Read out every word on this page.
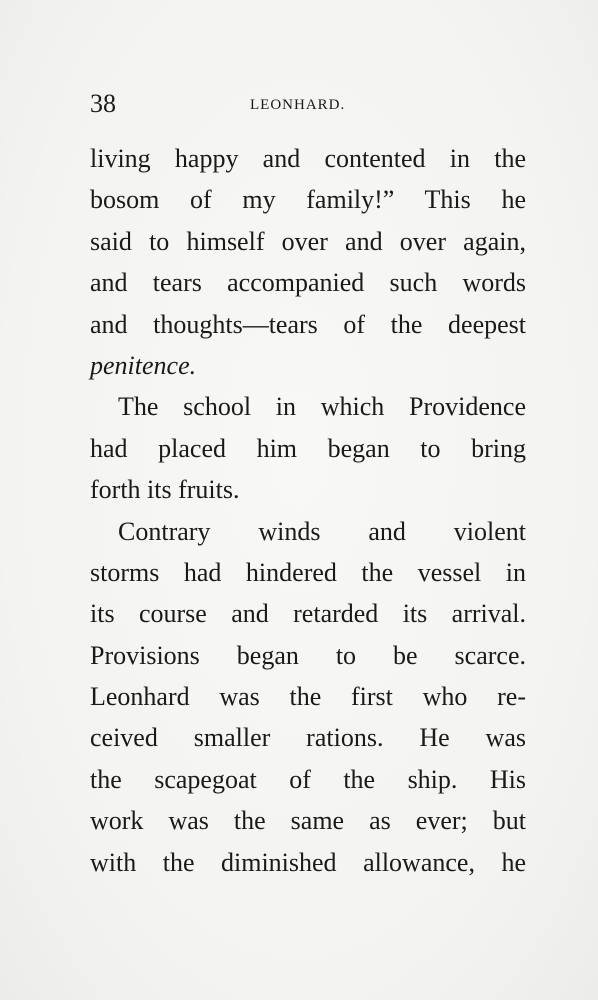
38	LEONHARD.
living happy and contented in the
bosom of my family!” This he
said to himself over and over again,
and tears accompanied such words
and thoughts—tears of the deepest
penitence.
The school in which Providence
had placed him began to bring
forth its fruits.
Contrary winds and violent
storms had hindered the vessel in
its course and retarded its arrival.
Provisions began to be scarce.
Leonhard was the first who re-
ceived smaller rations. He was
the scapegoat of the ship. His
work was the same as ever; but
with the diminished allowance, he
